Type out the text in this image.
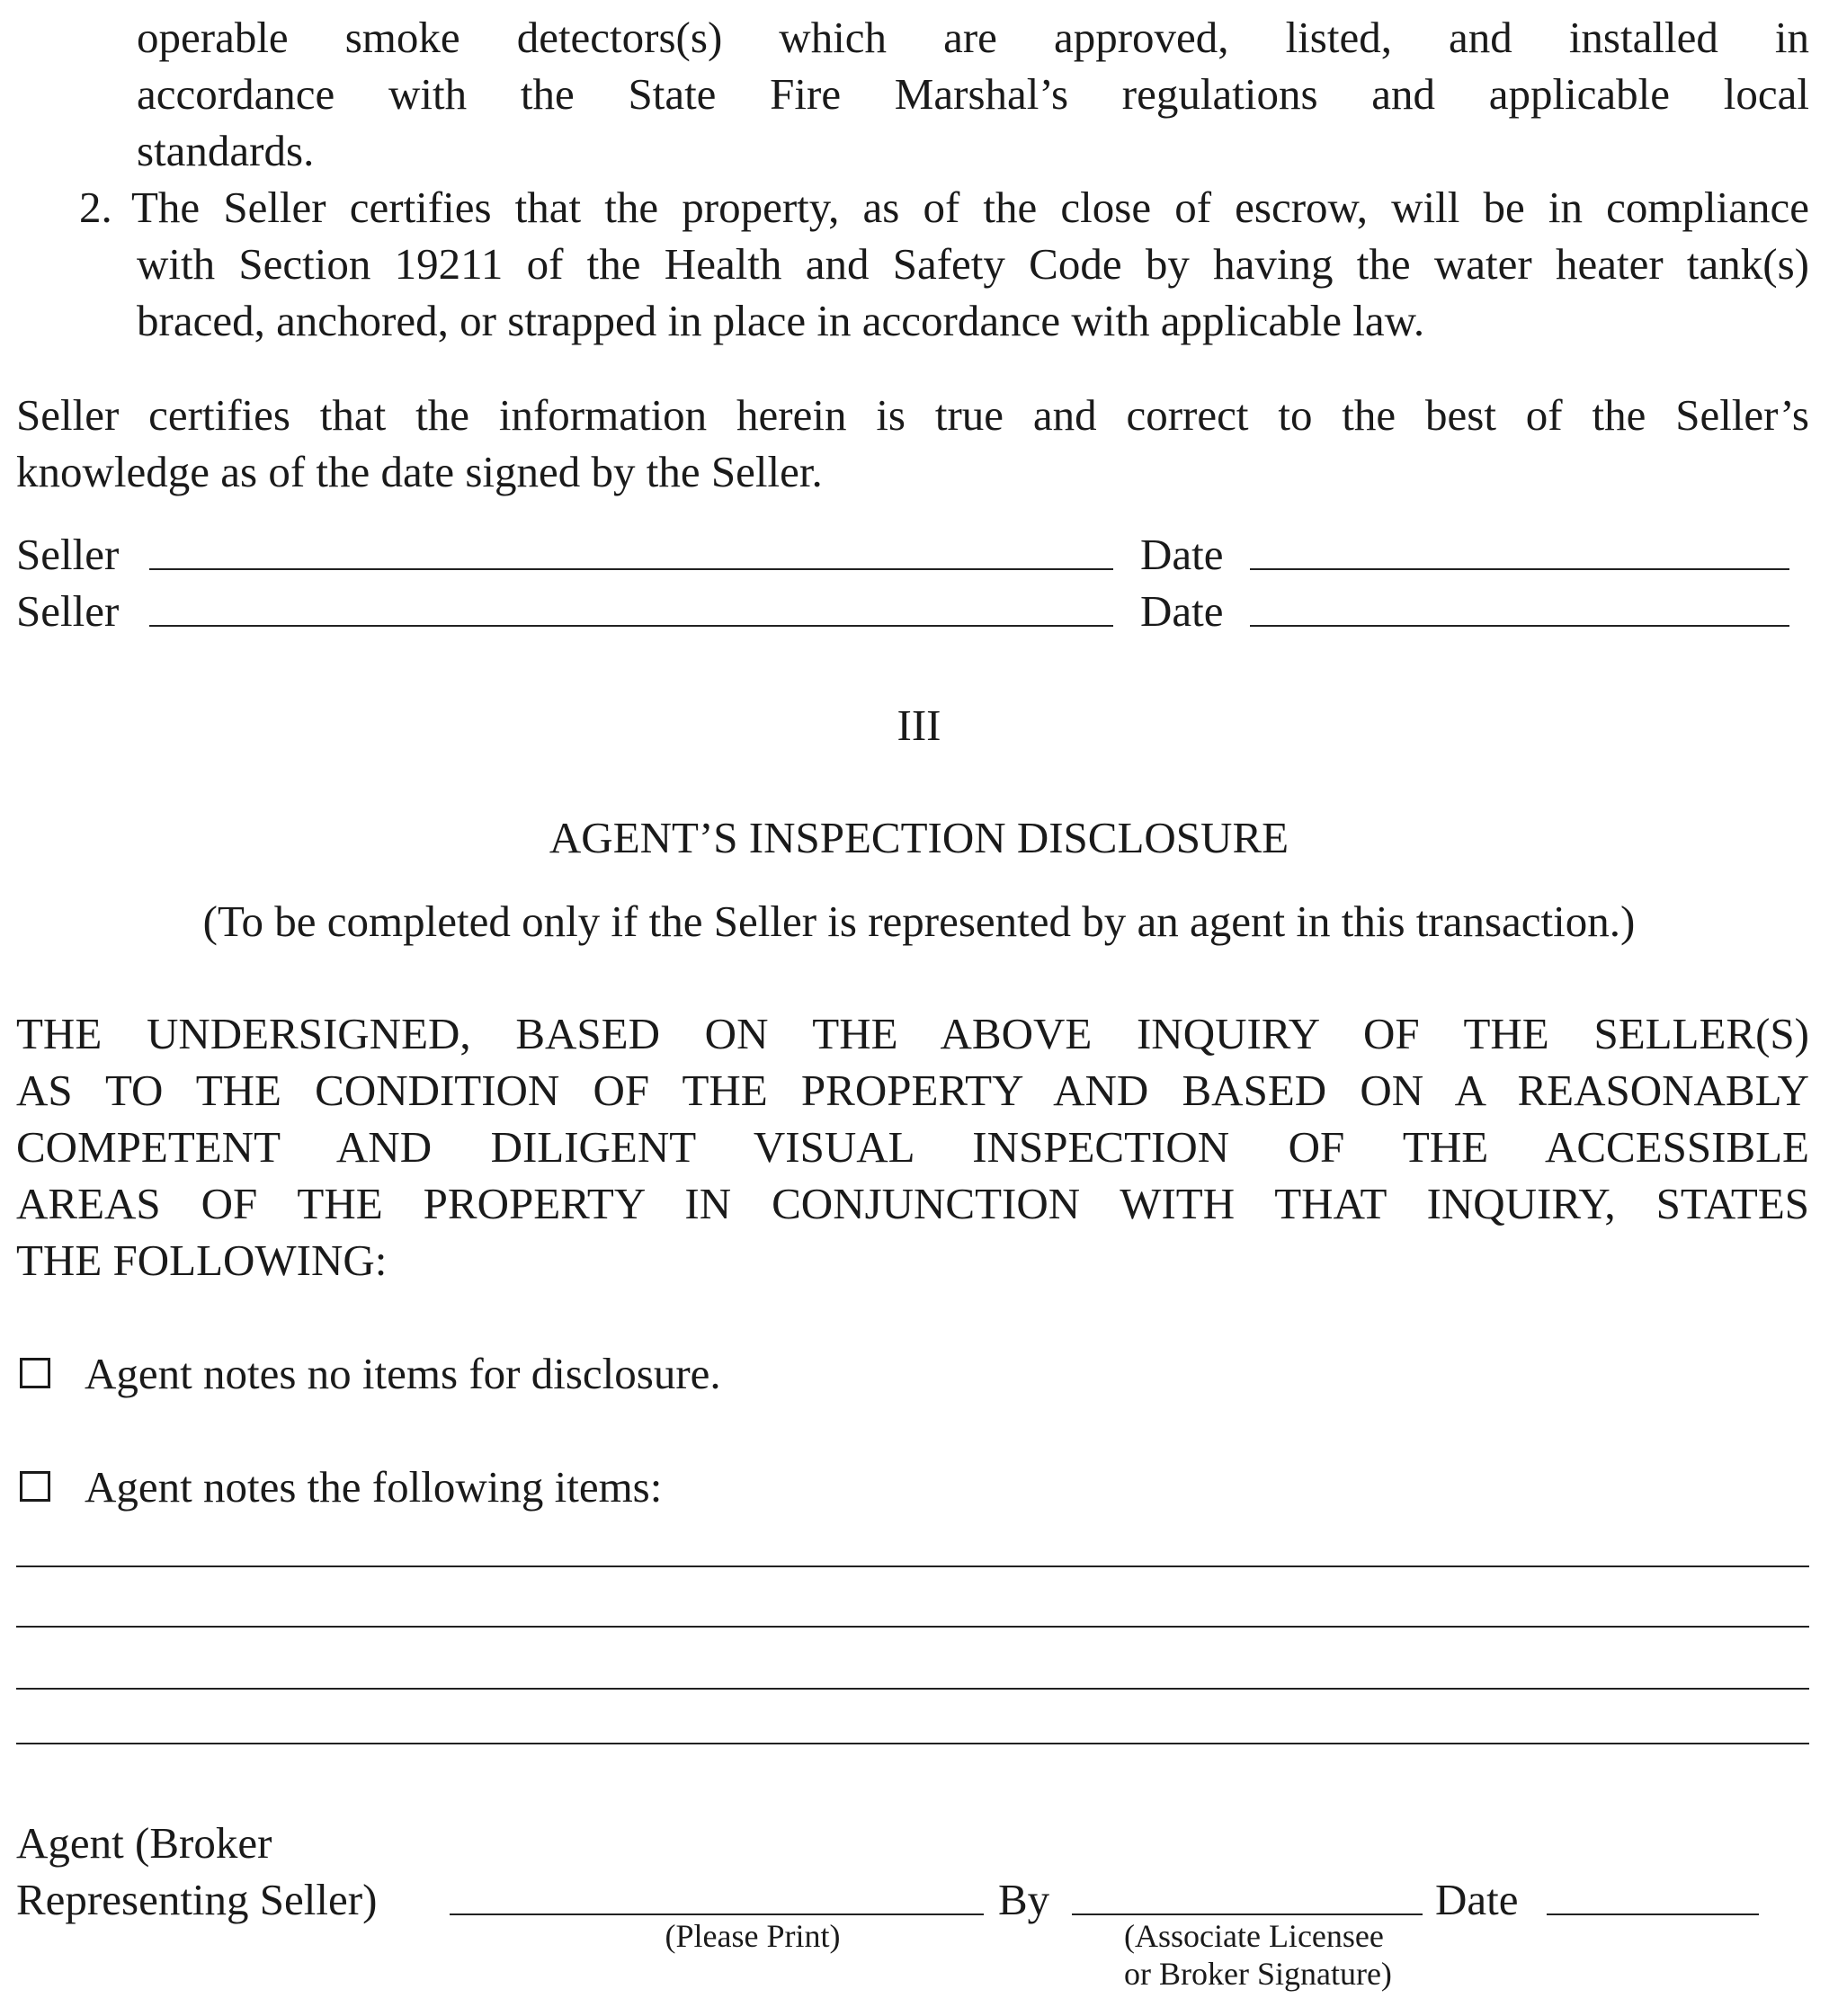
operable smoke detectors(s) which are approved, listed, and installed in
accordance with the State Fire Marshal’s regulations and applicable local
standards.
2. The Seller certifies that the property, as of the close of escrow, will be in compliance
with Section 19211 of the Health and Safety Code by having the water heater tank(s)
braced, anchored, or strapped in place in accordance with applicable law.
Seller certifies that the information herein is true and correct to the best of the Seller’s
knowledge as of the date signed by the Seller.
Seller	Date
Seller	Date
III
AGENT’S INSPECTION DISCLOSURE
(To be completed only if the Seller is represented by an agent in this transaction.)
THE UNDERSIGNED, BASED ON THE ABOVE INQUIRY OF THE SELLER(S)
AS TO THE CONDITION OF THE PROPERTY AND BASED ON A REASONABLY
COMPETENT AND DILIGENT VISUAL INSPECTION OF THE ACCESSIBLE
AREAS OF THE PROPERTY IN CONJUNCTION WITH THAT INQUIRY, STATES
THE FOLLOWING:
Agent notes no items for disclosure.
Agent notes the following items:
Agent (Broker
Representing Seller)
(Please Print)
By
(Associate Licensee
or Broker Signature)
Date
